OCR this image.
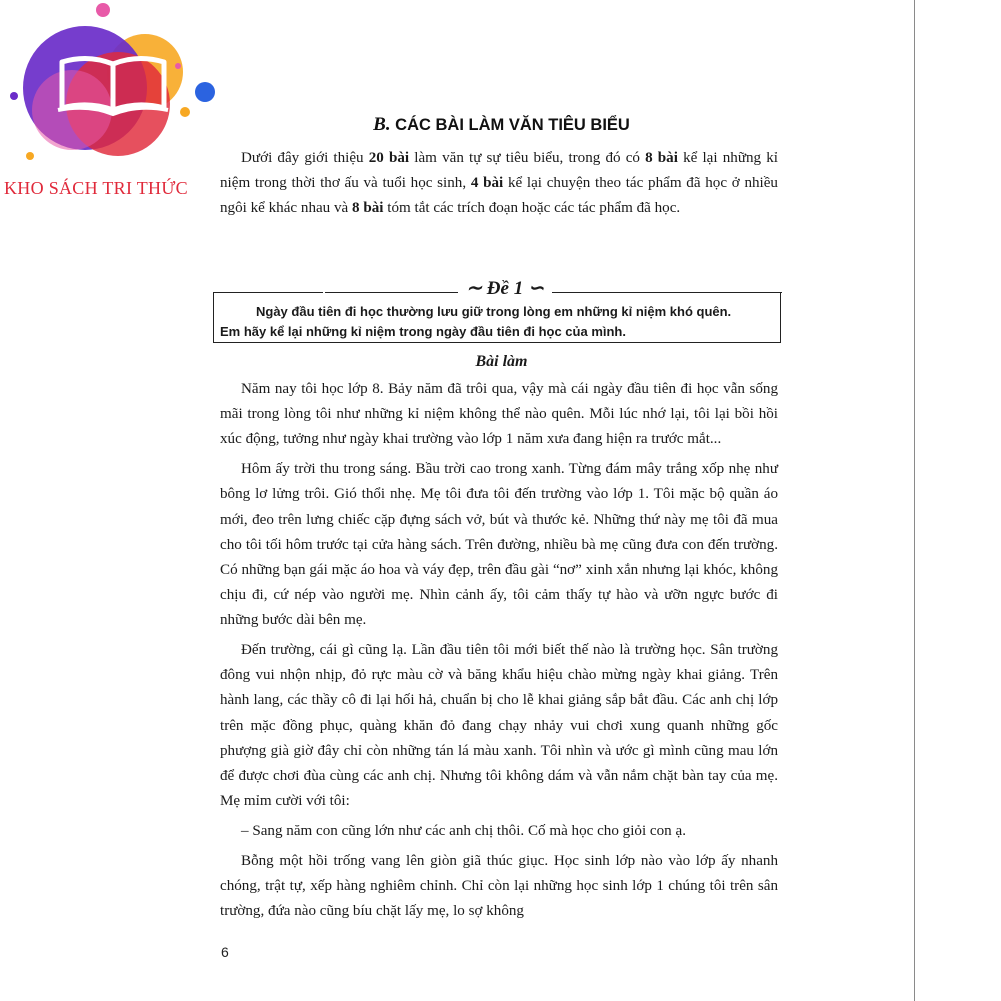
KHO SÁCH TRI THỨC
B. CÁC BÀI LÀM VĂN TIÊU BIỂU
Dưới đây giới thiệu 20 bài làm văn tự sự tiêu biểu, trong đó có 8 bài kể lại những kỉ niệm trong thời thơ ấu và tuổi học sinh, 4 bài kể lại chuyện theo tác phẩm đã học ở nhiều ngôi kể khác nhau và 8 bài tóm tắt các trích đoạn hoặc các tác phẩm đã học.
∼ Đề 1 ∽

Ngày đầu tiên đi học thường lưu giữ trong lòng em những kỉ niệm khó quên.

Em hãy kể lại những kỉ niệm trong ngày đầu tiên đi học của mình.

Bài làm

Năm nay tôi học lớp 8. Bảy năm đã trôi qua, vậy mà cái ngày đầu tiên đi học vẫn sống mãi trong lòng tôi như những kỉ niệm không thể nào quên. Mỗi lúc nhớ lại, tôi lại bồi hồi xúc động, tưởng như ngày khai trường vào lớp 1 năm xưa đang hiện ra trước mắt...

Hôm ấy trời thu trong sáng. Bầu trời cao trong xanh. Từng đám mây trắng xốp nhẹ như bông lơ lửng trôi. Gió thổi nhẹ. Mẹ tôi đưa tôi đến trường vào lớp 1. Tôi mặc bộ quần áo mới, đeo trên lưng chiếc cặp đựng sách vở, bút và thước kẻ. Những thứ này mẹ tôi đã mua cho tôi tối hôm trước tại cửa hàng sách. Trên đường, nhiều bà mẹ cũng đưa con đến trường. Có những bạn gái mặc áo hoa và váy đẹp, trên đầu gài “nơ” xinh xắn nhưng lại khóc, không chịu đi, cứ nép vào người mẹ. Nhìn cảnh ấy, tôi cảm thấy tự hào và ưỡn ngực bước đi những bước dài bên mẹ.

Đến trường, cái gì cũng lạ. Lần đầu tiên tôi mới biết thế nào là trường học. Sân trường đông vui nhộn nhịp, đỏ rực màu cờ và băng khẩu hiệu chào mừng ngày khai giảng. Trên hành lang, các thầy cô đi lại hối hả, chuẩn bị cho lễ khai giảng sắp bắt đầu. Các anh chị lớp trên mặc đồng phục, quàng khăn đỏ đang chạy nhảy vui chơi xung quanh những gốc phượng già giờ đây chỉ còn những tán lá màu xanh. Tôi nhìn và ước gì mình cũng mau lớn để được chơi đùa cùng các anh chị. Nhưng tôi không dám và vẫn nắm chặt bàn tay của mẹ. Mẹ mỉm cười với tôi:

– Sang năm con cũng lớn như các anh chị thôi. Cố mà học cho giỏi con ạ.

Bỗng một hồi trống vang lên giòn giã thúc giục. Học sinh lớp nào vào lớp ấy nhanh chóng, trật tự, xếp hàng nghiêm chỉnh. Chỉ còn lại những học sinh lớp 1 chúng tôi trên sân trường, đứa nào cũng bíu chặt lấy mẹ, lo sợ không

6
